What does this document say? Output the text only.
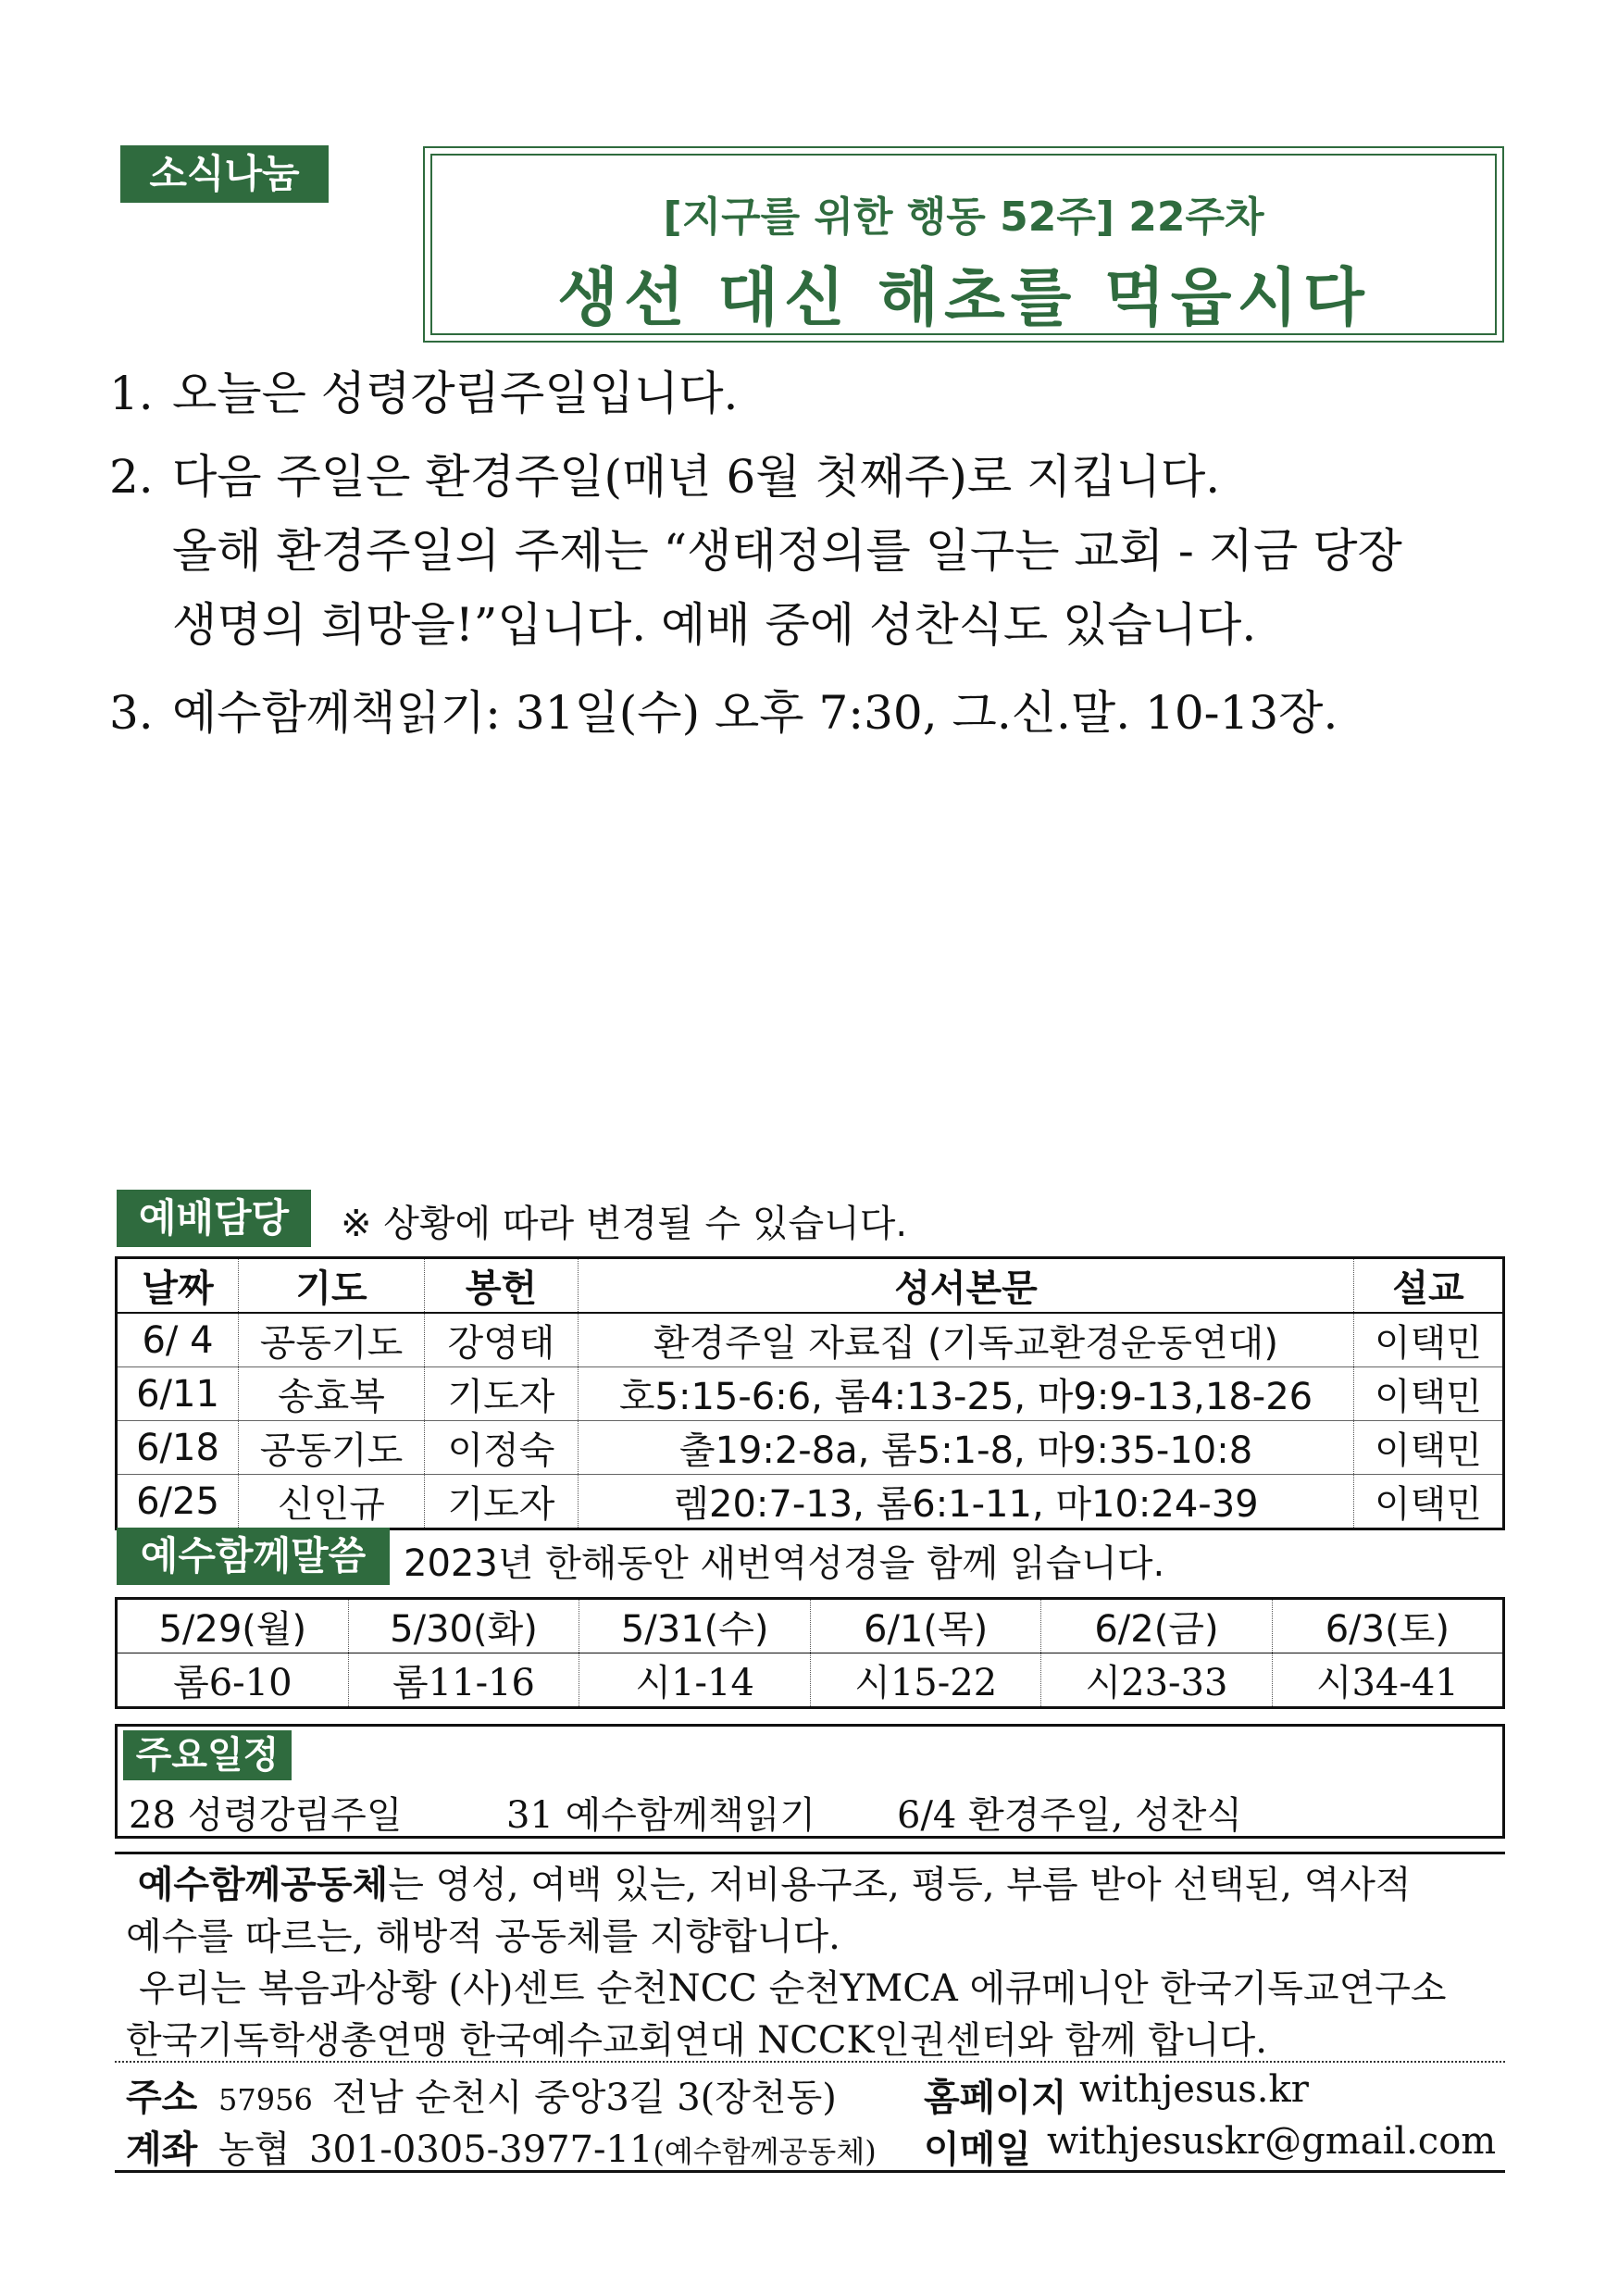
소식나눔
[지구를 위한 행동 52주] 22주차
생선 대신 해초를 먹읍시다
1. 오늘은 성령강림주일입니다.
2. 다음 주일은 환경주일(매년 6월 첫째주)로 지킵니다.
올해 환경주일의 주제는 “생태정의를 일구는 교회 - 지금 당장
생명의 희망을!”입니다. 예배 중에 성찬식도 있습니다.
3. 예수함께책읽기: 31일(수) 오후 7:30, 그.신.말. 10-13장.
예배담당	※ 상황에 따라 변경될 수 있습니다.
날짜	기도	봉헌	성서본문	설교
6/ 4	공동기도	강영태	환경주일 자료집 (기독교환경운동연대)	이택민
6/11	송효복	기도자	호5:15-6:6, 롬4:13-25, 마9:9-13,18-26	이택민
6/18	공동기도	이정숙	출19:2-8a, 롬5:1-8, 마9:35-10:8	이택민
6/25	신인규	기도자	렘20:7-13, 롬6:1-11, 마10:24-39	이택민
예수함께말씀	2023년 한해동안 새번역성경을 함께 읽습니다.
5/29(월)	5/30(화)	5/31(수)	6/1(목)	6/2(금)	6/3(토)
롬6-10	롬11-16	시1-14	시15-22	시23-33	시34-41
주요일정
28 성령강림주일	31 예수함께책읽기 6/4 환경주일, 성찬식

예수함께공동체는 영성, 여백 있는, 저비용구조, 평등, 부름 받아 선택된, 역사적

예수를 따르는, 해방적 공동체를 지향합니다.

우리는 복음과상황 (사)센트 순천NCC 순천YMCA 에큐메니안 한국기독교연구소

한국기독학생총연맹 한국예수교회연대 NCCK인권센터와 함께 합니다.

주소 57956 전남 순천시 중앙3길 3(장천동) 홈페이지 withjesus.kr
계좌 농협 301-0305-3977-11(예수함께공동체) 이메일 withjesuskr@gmail.com
